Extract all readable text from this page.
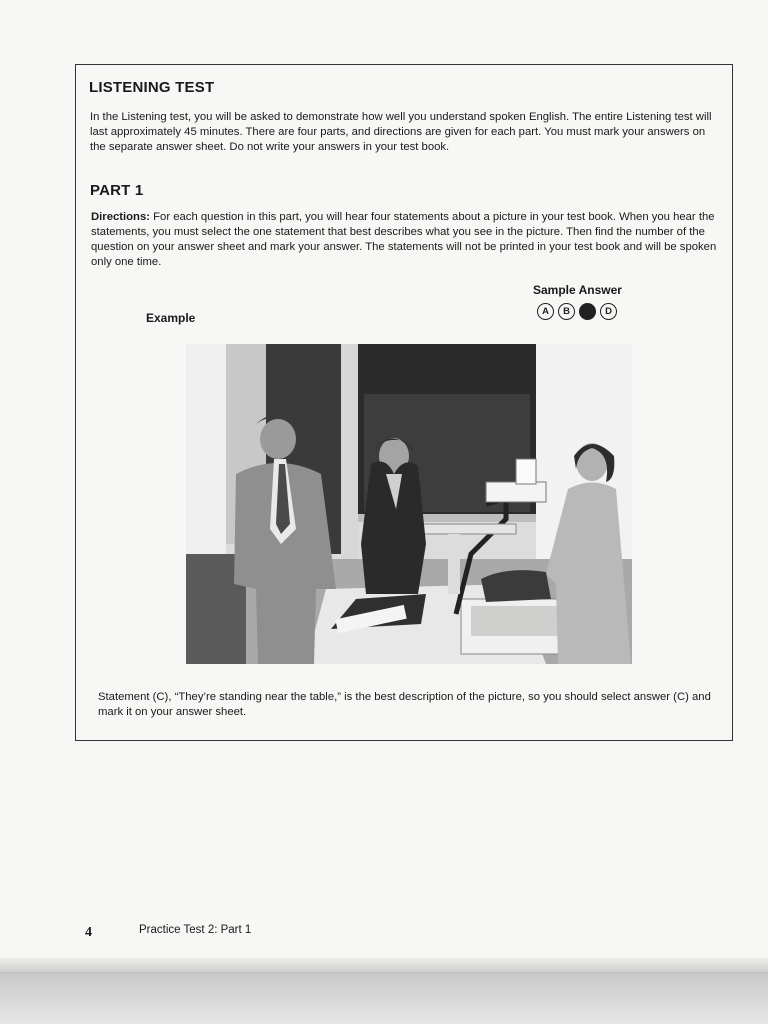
LISTENING TEST

In the Listening test, you will be asked to demonstrate how well you understand spoken English. The entire Listening test will last approximately 45 minutes. There are four parts, and directions are given for each part. You must mark your answers on the separate answer sheet. Do not write your answers in your test book.

PART 1

Directions: For each question in this part, you will hear four statements about a picture in your test book. When you hear the statements, you must select the one statement that best describes what you see in the picture. Then find the number of the question on your answer sheet and mark your answer. The statements will not be printed in your test book and will be spoken only one time.

Sample Answer
Example	A	B	C	D

Statement (C), “They’re standing near the table,” is the best description of the picture, so you should select answer (C) and mark it on your answer sheet.

4	Practice Test 2: Part 1
